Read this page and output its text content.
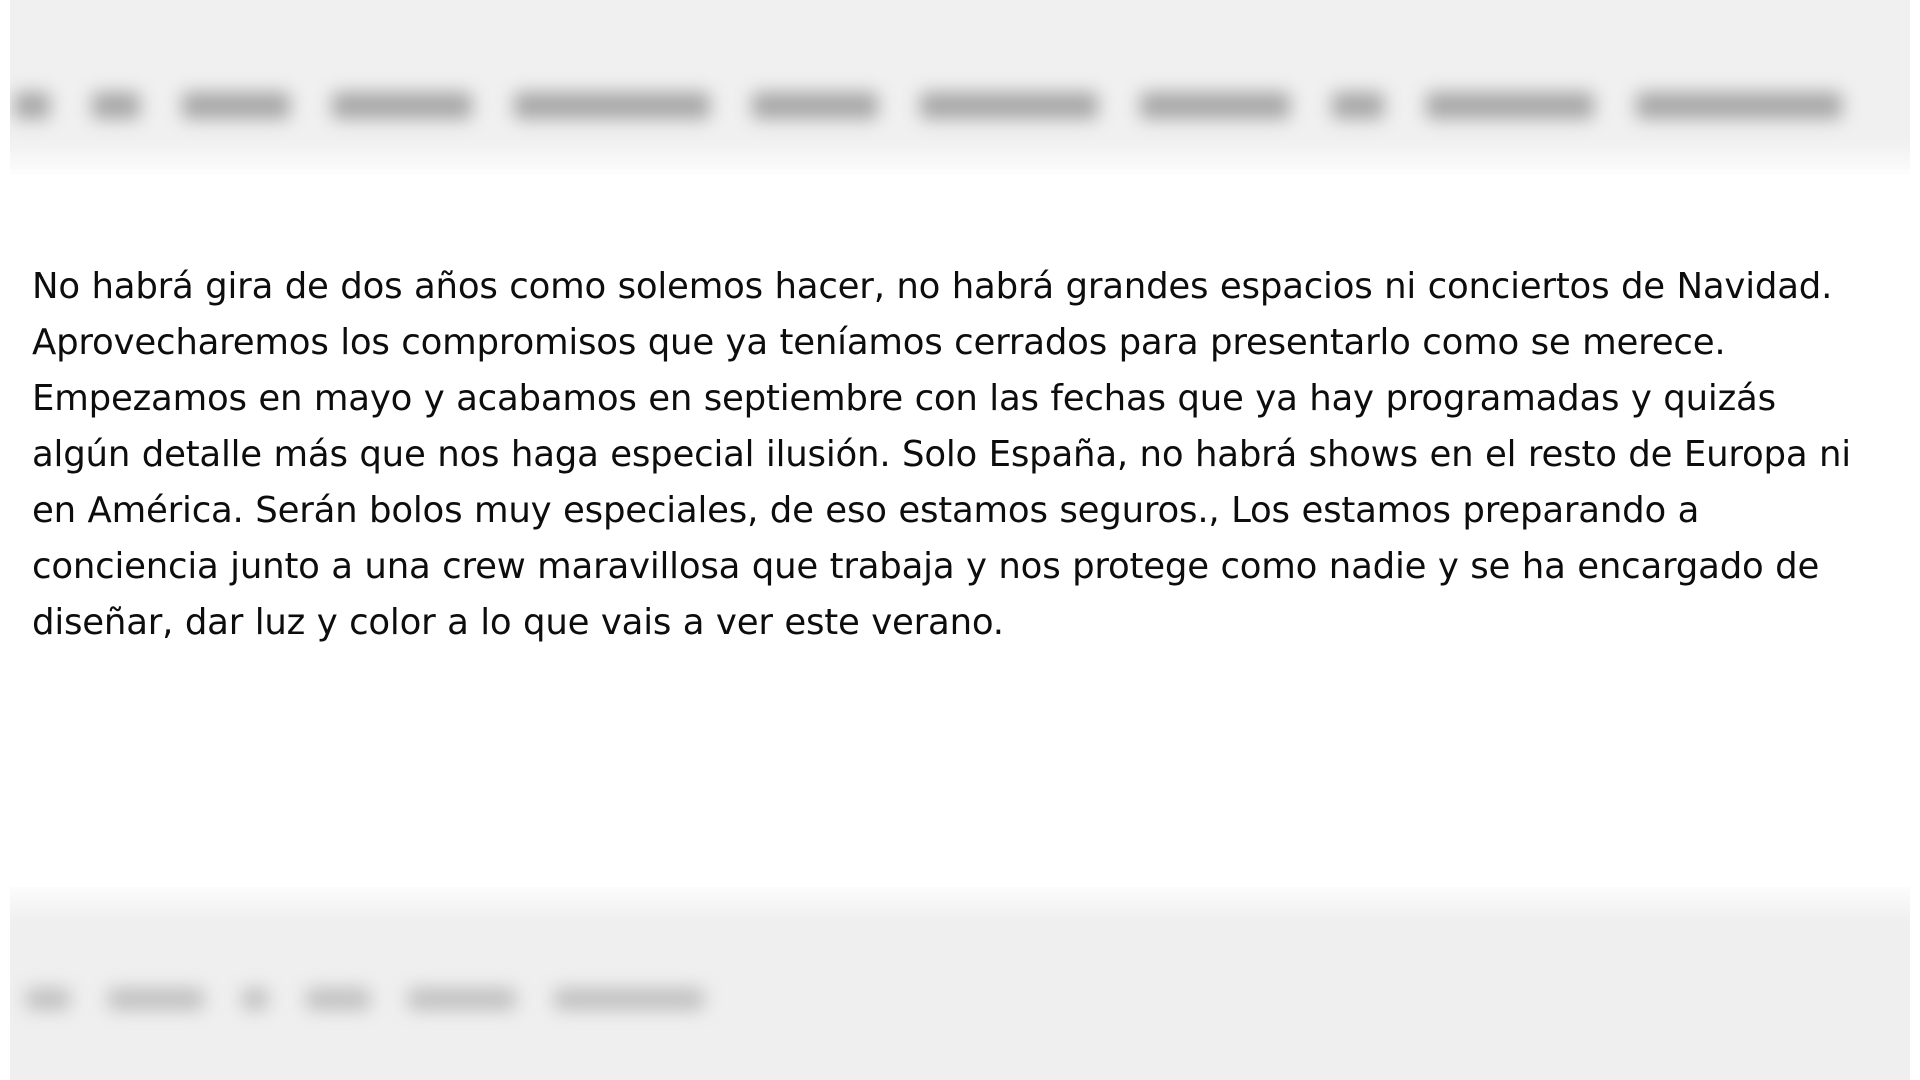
No habrá gira de dos años como solemos hacer, no habrá grandes espacios ni conciertos de Navidad. Aprovecharemos los compromisos que ya teníamos cerrados para presentarlo como se merece. Empezamos en mayo y acabamos en septiembre con las fechas que ya hay programadas y quizás algún detalle más que nos haga especial ilusión. Solo España, no habrá shows en el resto de Europa ni en América. Serán bolos muy especiales, de eso estamos seguros., Los estamos preparando a conciencia junto a una crew maravillosa que trabaja y nos protege como nadie y se ha encargado de diseñar, dar luz y color a lo que vais a ver este verano.
